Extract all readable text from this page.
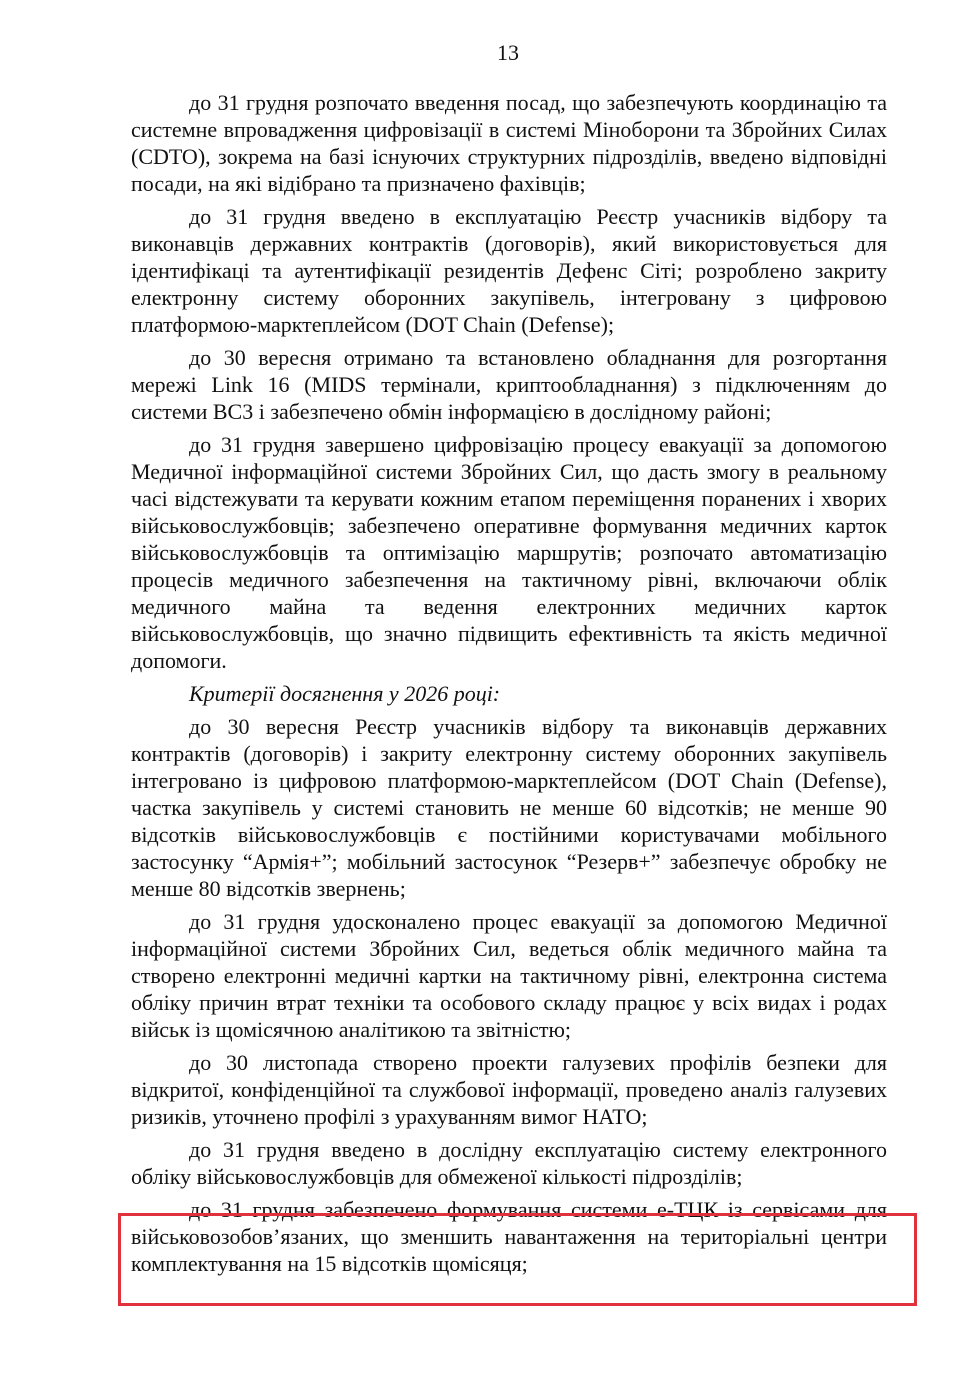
13

до 31 грудня розпочато введення посад, що забезпечують координацію та системне впровадження цифровізації в системі Міноборони та Збройних Силах (CDTO), зокрема на базі існуючих структурних підрозділів, введено відповідні посади, на які відібрано та призначено фахівців;

до 31 грудня введено в експлуатацію Реєстр учасників відбору та виконавців державних контрактів (договорів), який використовується для ідентифікаці та аутентифікації резидентів Дефенс Сіті; розроблено закриту електронну систему оборонних закупівель, інтегровану з цифровою платформою-марктеплейсом (DOT Chain (Defense);

до 30 вересня отримано та встановлено обладнання для розгортання мережі Link 16 (MIDS термінали, криптообладнання) з підключенням до системи ВС3 і забезпечено обмін інформацією в дослідному районі;

до 31 грудня завершено цифровізацію процесу евакуації за допомогою Медичної інформаційної системи Збройних Сил, що дасть змогу в реальному часі відстежувати та керувати кожним етапом переміщення поранених і хворих військовослужбовців; забезпечено оперативне формування медичних карток військовослужбовців та оптимізацію маршрутів; розпочато автоматизацію процесів медичного забезпечення на тактичному рівні, включаючи облік медичного майна та ведення електронних медичних карток військовослужбовців, що значно підвищить ефективність та якість медичної допомоги.

Критерії досягнення у 2026 році:

до 30 вересня Реєстр учасників відбору та виконавців державних контрактів (договорів) і закриту електронну систему оборонних закупівель інтегровано із цифровою платформою-марктеплейсом (DOT Chain (Defense), частка закупівель у системі становить не менше 60 відсотків; не менше 90 відсотків військовослужбовців є постійними користувачами мобільного застосунку “Армія+”; мобільний застосунок “Резерв+” забезпечує обробку не менше 80 відсотків звернень;

до 31 грудня удосконалено процес евакуації за допомогою Медичної інформаційної системи Збройних Сил, ведеться облік медичного майна та створено електронні медичні картки на тактичному рівні, електронна система обліку причин втрат техніки та особового складу працює у всіх видах і родах військ із щомісячною аналітикою та звітністю;

до 30 листопада створено проекти галузевих профілів безпеки для відкритої, конфіденційної та службової інформації, проведено аналіз галузевих ризиків, уточнено профілі з урахуванням вимог НАТО;

до 31 грудня введено в дослідну експлуатацію систему електронного обліку військовослужбовців для обмеженої кількості підрозділів;

до 31 грудня забезпечено формування системи е-ТЦК із сервісами для військовозобов’язаних, що зменшить навантаження на територіальні центри комплектування на 15 відсотків щомісяця;
